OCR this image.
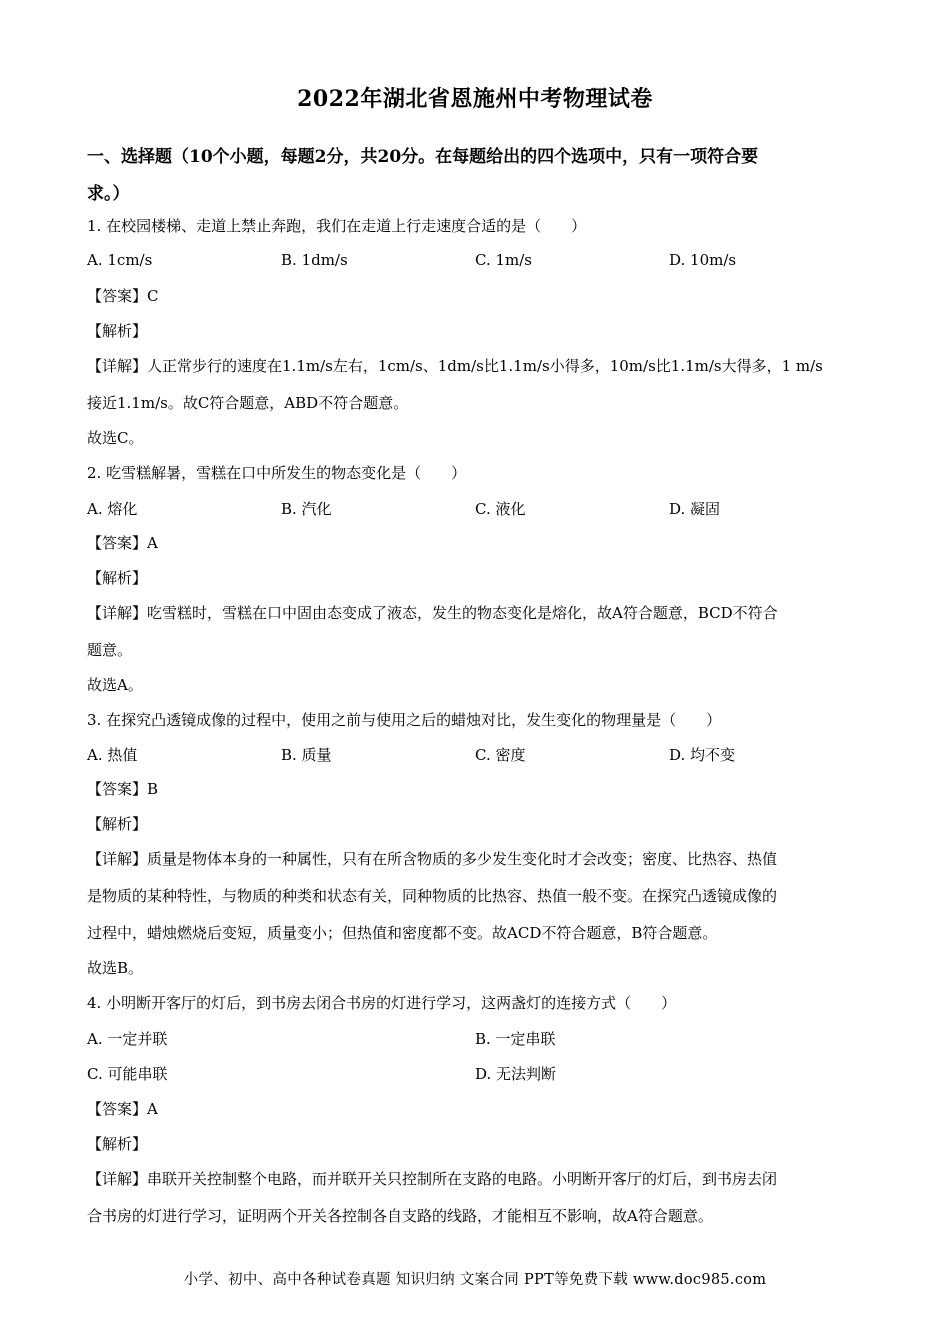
2022年湖北省恩施州中考物理试卷
一、选择题（10个小题，每题2分，共20分。在每题给出的四个选项中，只有一项符合要
求。）
1. 在校园楼梯、走道上禁止奔跑，我们在走道上行走速度合适的是（　　）
A. 1cm/s	B. 1dm/s	C. 1m/s	D. 10m/s
【答案】C
【解析】
【详解】人正常步行的速度在1.1m/s左右，1cm/s、1dm/s比1.1m/s小得多，10m/s比1.1m/s大得多，1 m/s
接近1.1m/s。故C符合题意，ABD不符合题意。
故选C。
2. 吃雪糕解暑，雪糕在口中所发生的物态变化是（　　）
A. 熔化	B. 汽化	C. 液化	D. 凝固
【答案】A
【解析】
【详解】吃雪糕时，雪糕在口中固由态变成了液态，发生的物态变化是熔化，故A符合题意，BCD不符合
题意。
故选A。
3. 在探究凸透镜成像的过程中，使用之前与使用之后的蜡烛对比，发生变化的物理量是（　　）
A. 热值	B. 质量	C. 密度	D. 均不变
【答案】B
【解析】
【详解】质量是物体本身的一种属性，只有在所含物质的多少发生变化时才会改变；密度、比热容、热值
是物质的某种特性，与物质的种类和状态有关，同种物质的比热容、热值一般不变。在探究凸透镜成像的
过程中，蜡烛燃烧后变短，质量变小；但热值和密度都不变。故ACD不符合题意，B符合题意。
故选B。
4. 小明断开客厅的灯后，到书房去闭合书房的灯进行学习，这两盏灯的连接方式（　　）
A. 一定并联	B. 一定串联
C. 可能串联	D. 无法判断
【答案】A
【解析】
【详解】串联开关控制整个电路，而并联开关只控制所在支路的电路。小明断开客厅的灯后，到书房去闭
合书房的灯进行学习，证明两个开关各控制各自支路的线路，才能相互不影响，故A符合题意。
小学、初中、高中各种试卷真题 知识归纳 文案合同 PPT等免费下载 www.doc985.com
